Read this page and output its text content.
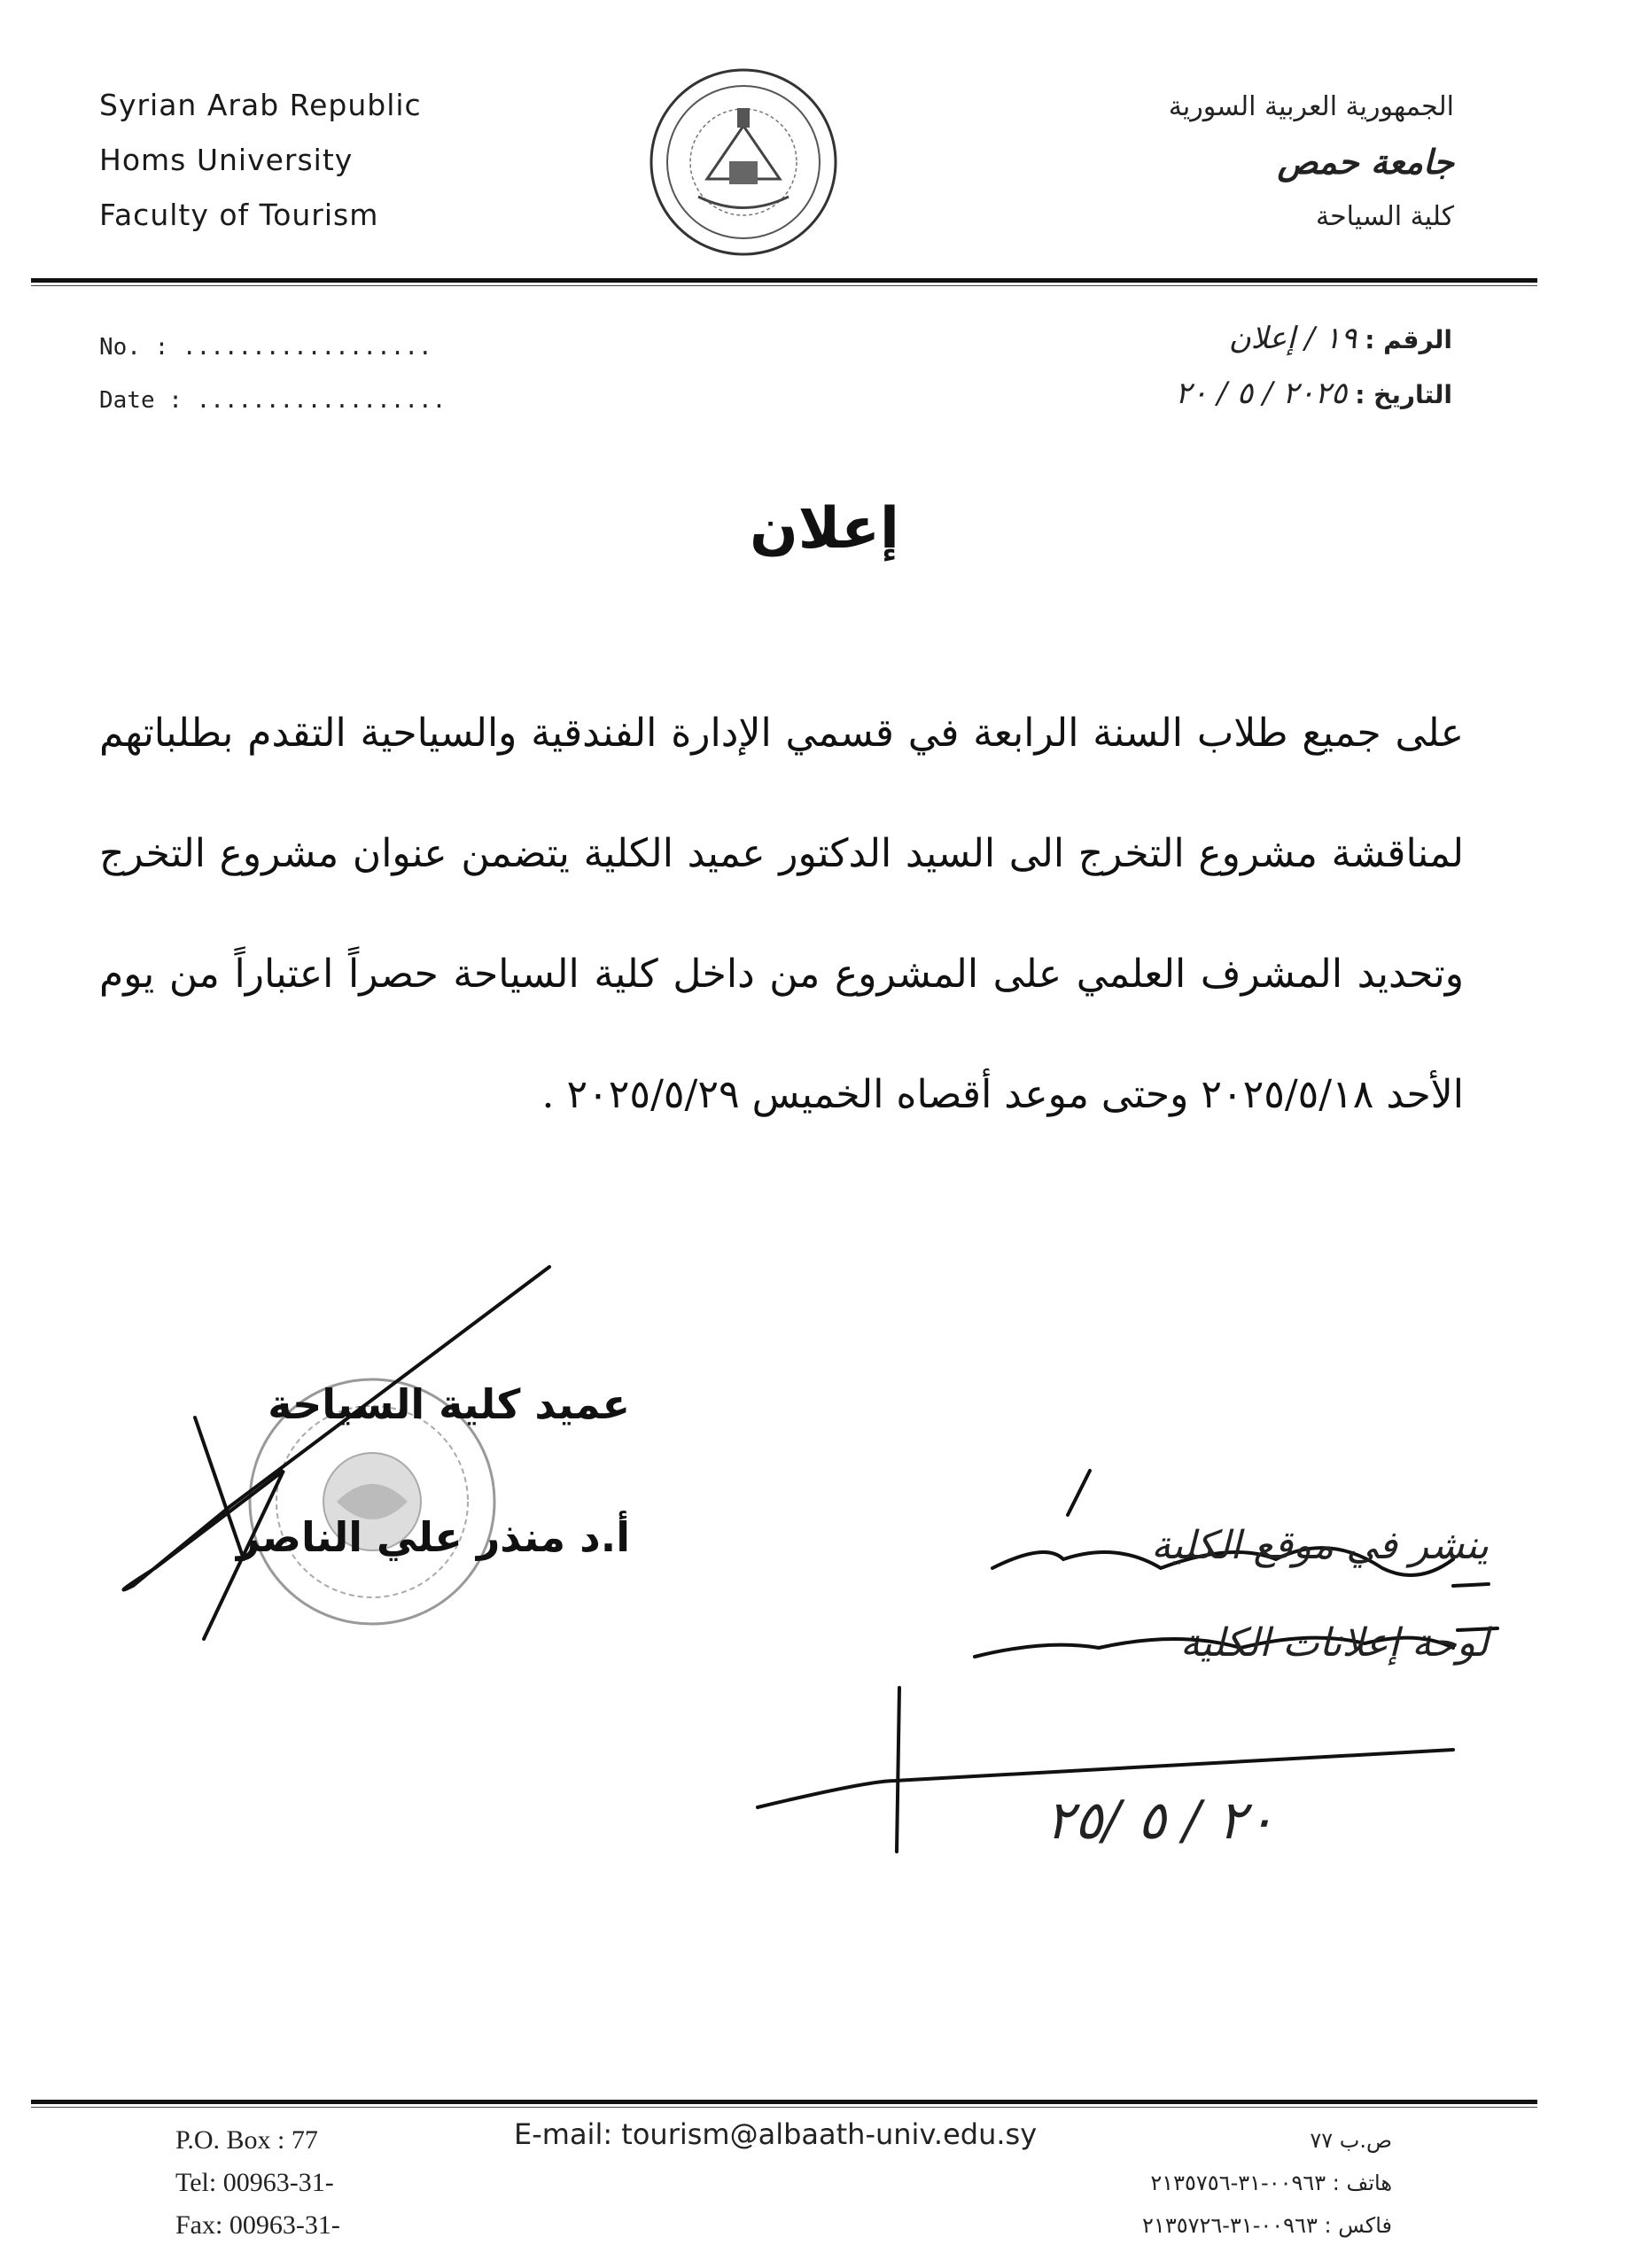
Syrian Arab Republic
Homs University
Faculty of Tourism
الجمهورية العربية السورية
جامعة حمص
كلية السياحة
No. : ..................
Date : ..................
الرقم : ١٩ / إعلان
التاريخ : ٢٠٢٥ / ٥ / ٢٠
إعلان
على جميع طلاب السنة الرابعة في قسمي الإدارة الفندقية والسياحية التقدم بطلباتهم لمناقشة مشروع التخرج الى السيد الدكتور عميد الكلية يتضمن عنوان مشروع التخرج وتحديد المشرف العلمي على المشروع من داخل كلية السياحة حصراً اعتباراً من يوم الأحد ٢٠٢٥/٥/١٨ وحتى موعد أقصاه الخميس ٢٠٢٥/٥/٢٩ .
عميد كلية السياحة
أ.د منذر علي الناصر	ينشر في موقع الكلية
لوحة إعلانات الكلية
٢٠ / ٥ /٢٥
P.O. Box : 77
Tel: 00963-31-
Fax: 00963-31-
E-mail: tourism@albaath-univ.edu.sy	ص.ب ٧٧
هاتف : ٠٠٩٦٣-٣١-٢١٣٥٧٥٦
فاكس : ٠٠٩٦٣-٣١-٢١٣٥٧٢٦
